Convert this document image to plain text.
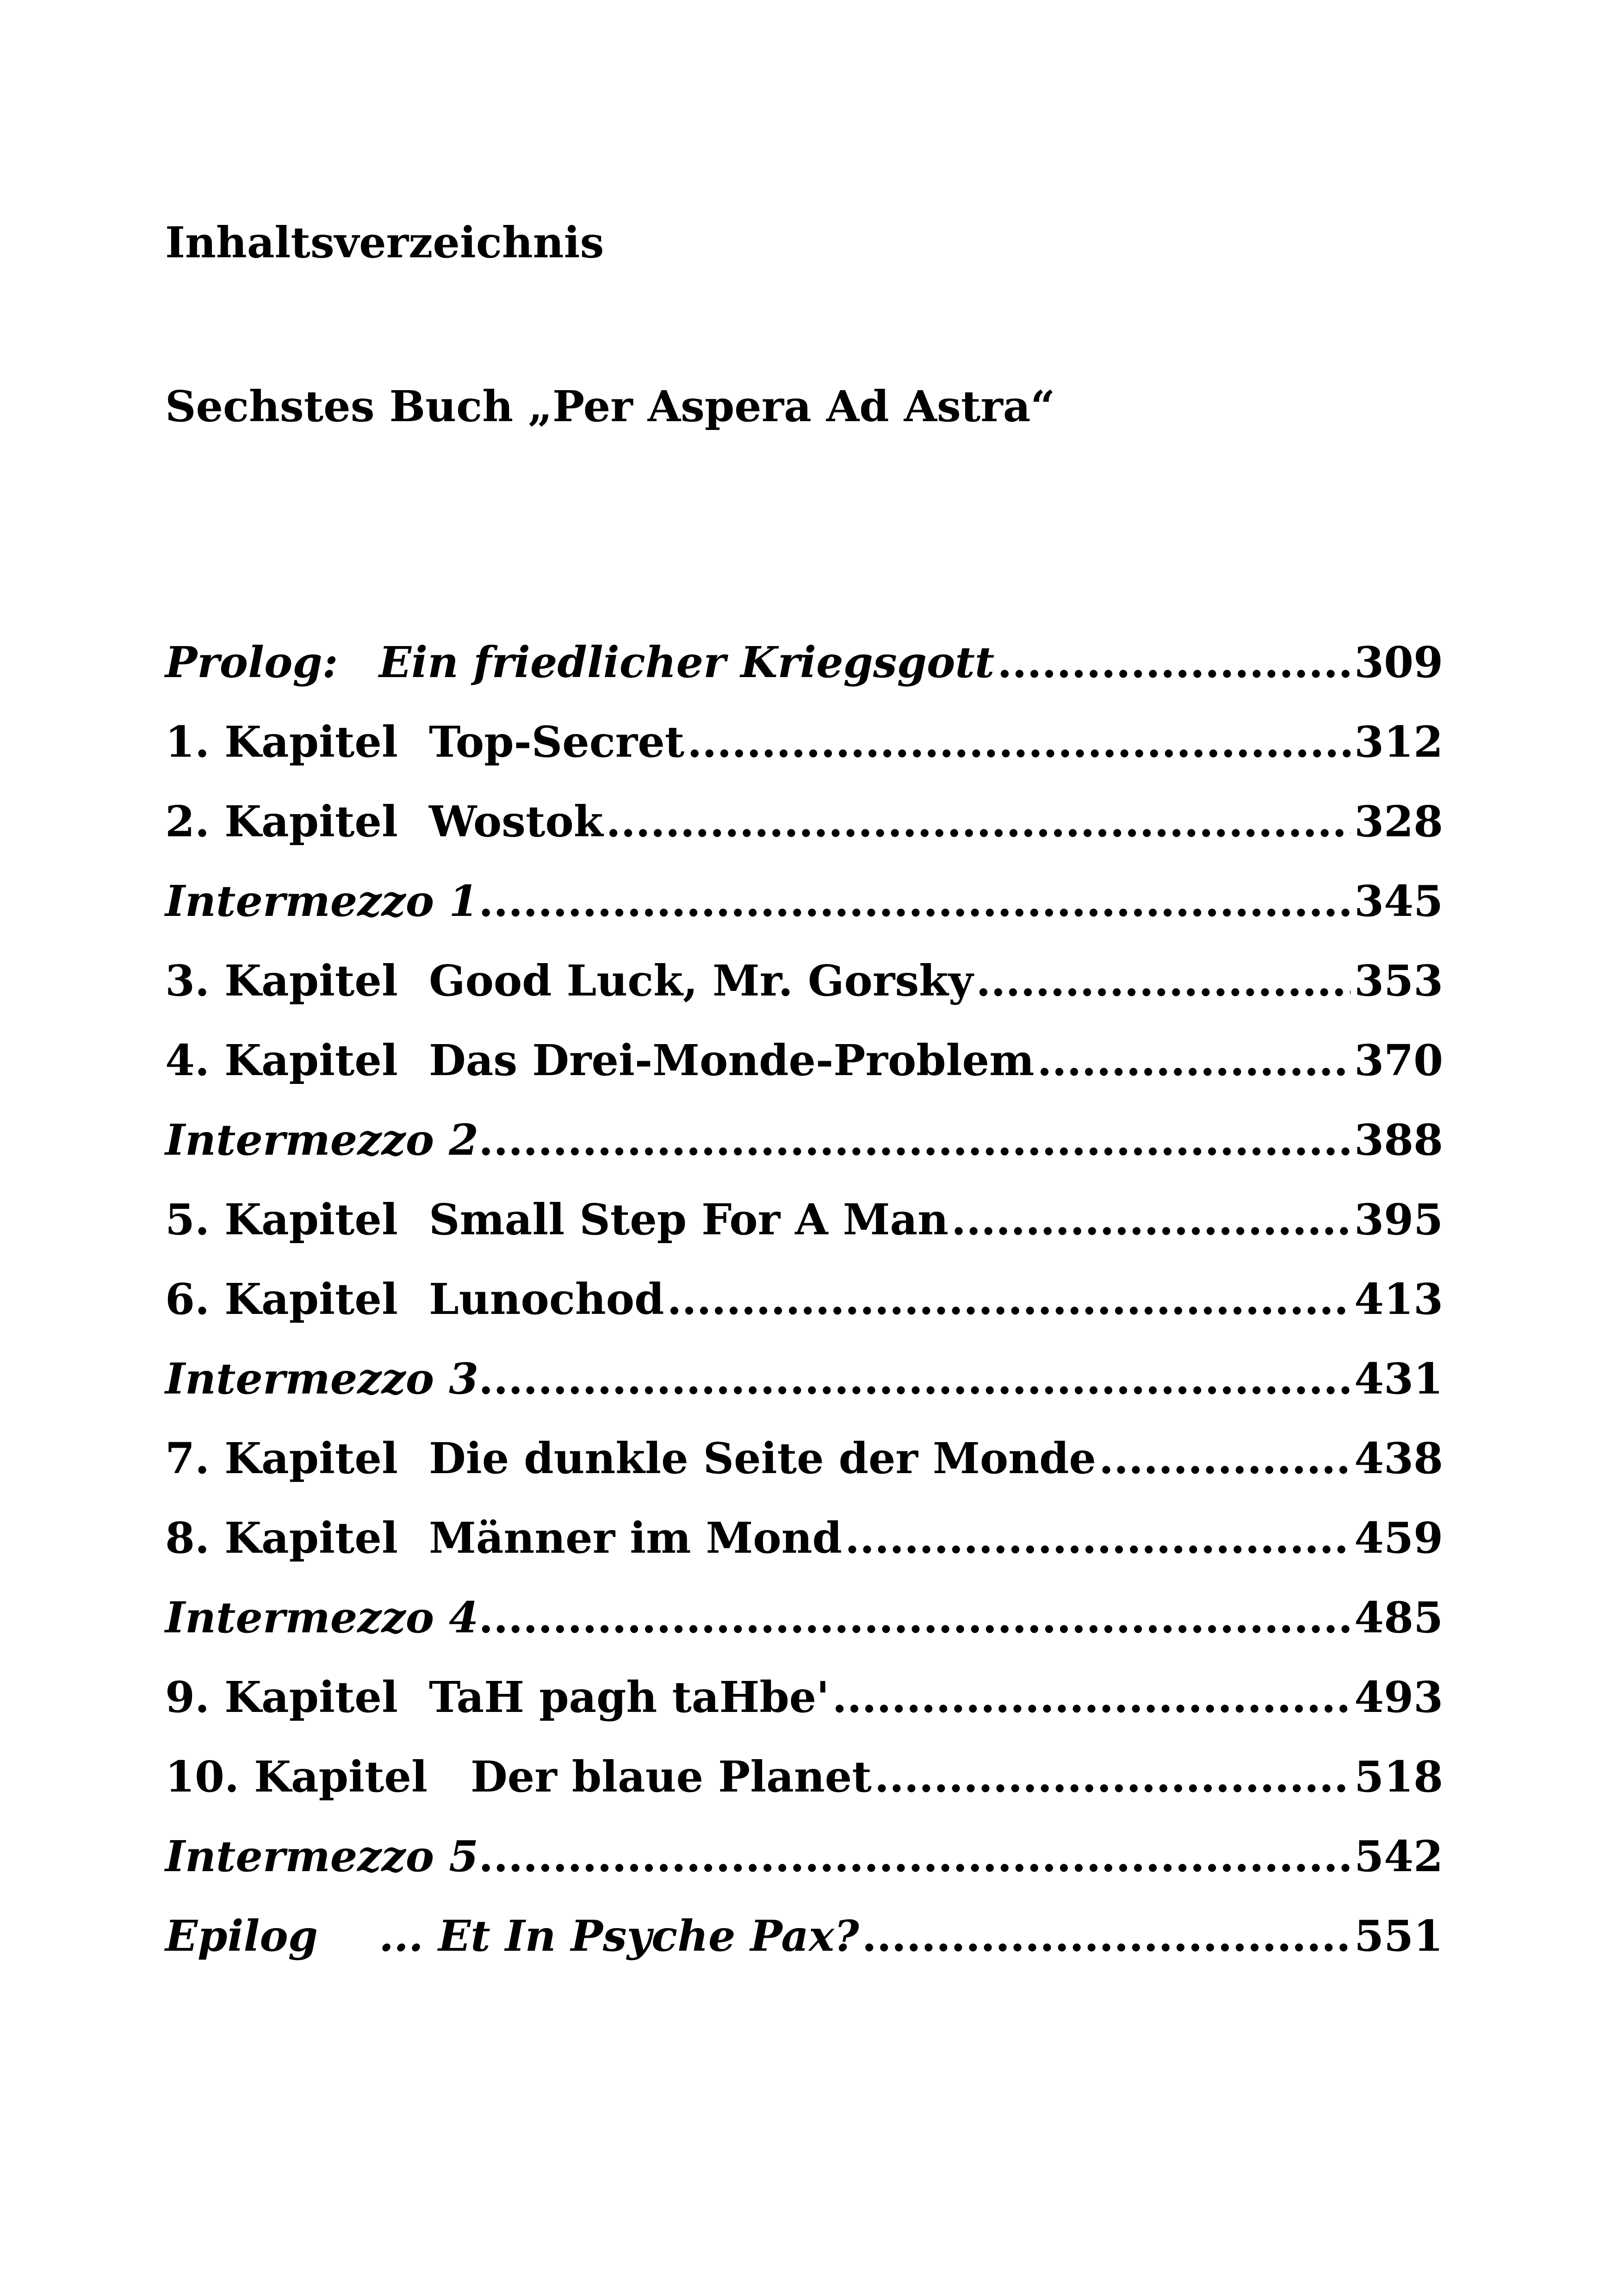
Inhaltsverzeichnis
Sechstes Buch „Per Aspera Ad Astra“
Prolog: Ein friedlicher Kriegsgott .....	309
1. Kapitel Top-Secret .....	312
2. Kapitel Wostok .....	328
Intermezzo 1 .....	345
3. Kapitel Good Luck, Mr. Gorsky .....	353
4. Kapitel Das Drei-Monde-Problem .....	370
Intermezzo 2 .....	388
5. Kapitel Small Step For A Man .....	395
6. Kapitel Lunochod .....	413
Intermezzo 3 .....	431
7. Kapitel Die dunkle Seite der Monde .....	438
8. Kapitel Männer im Mond .....	459
Intermezzo 4 .....	485
9. Kapitel TaH pagh taHbe' .....	493
10. Kapitel	Der blaue Planet .....	518
Intermezzo 5 .....	542
Epilog	... Et In Psyche Pax? .....	551
